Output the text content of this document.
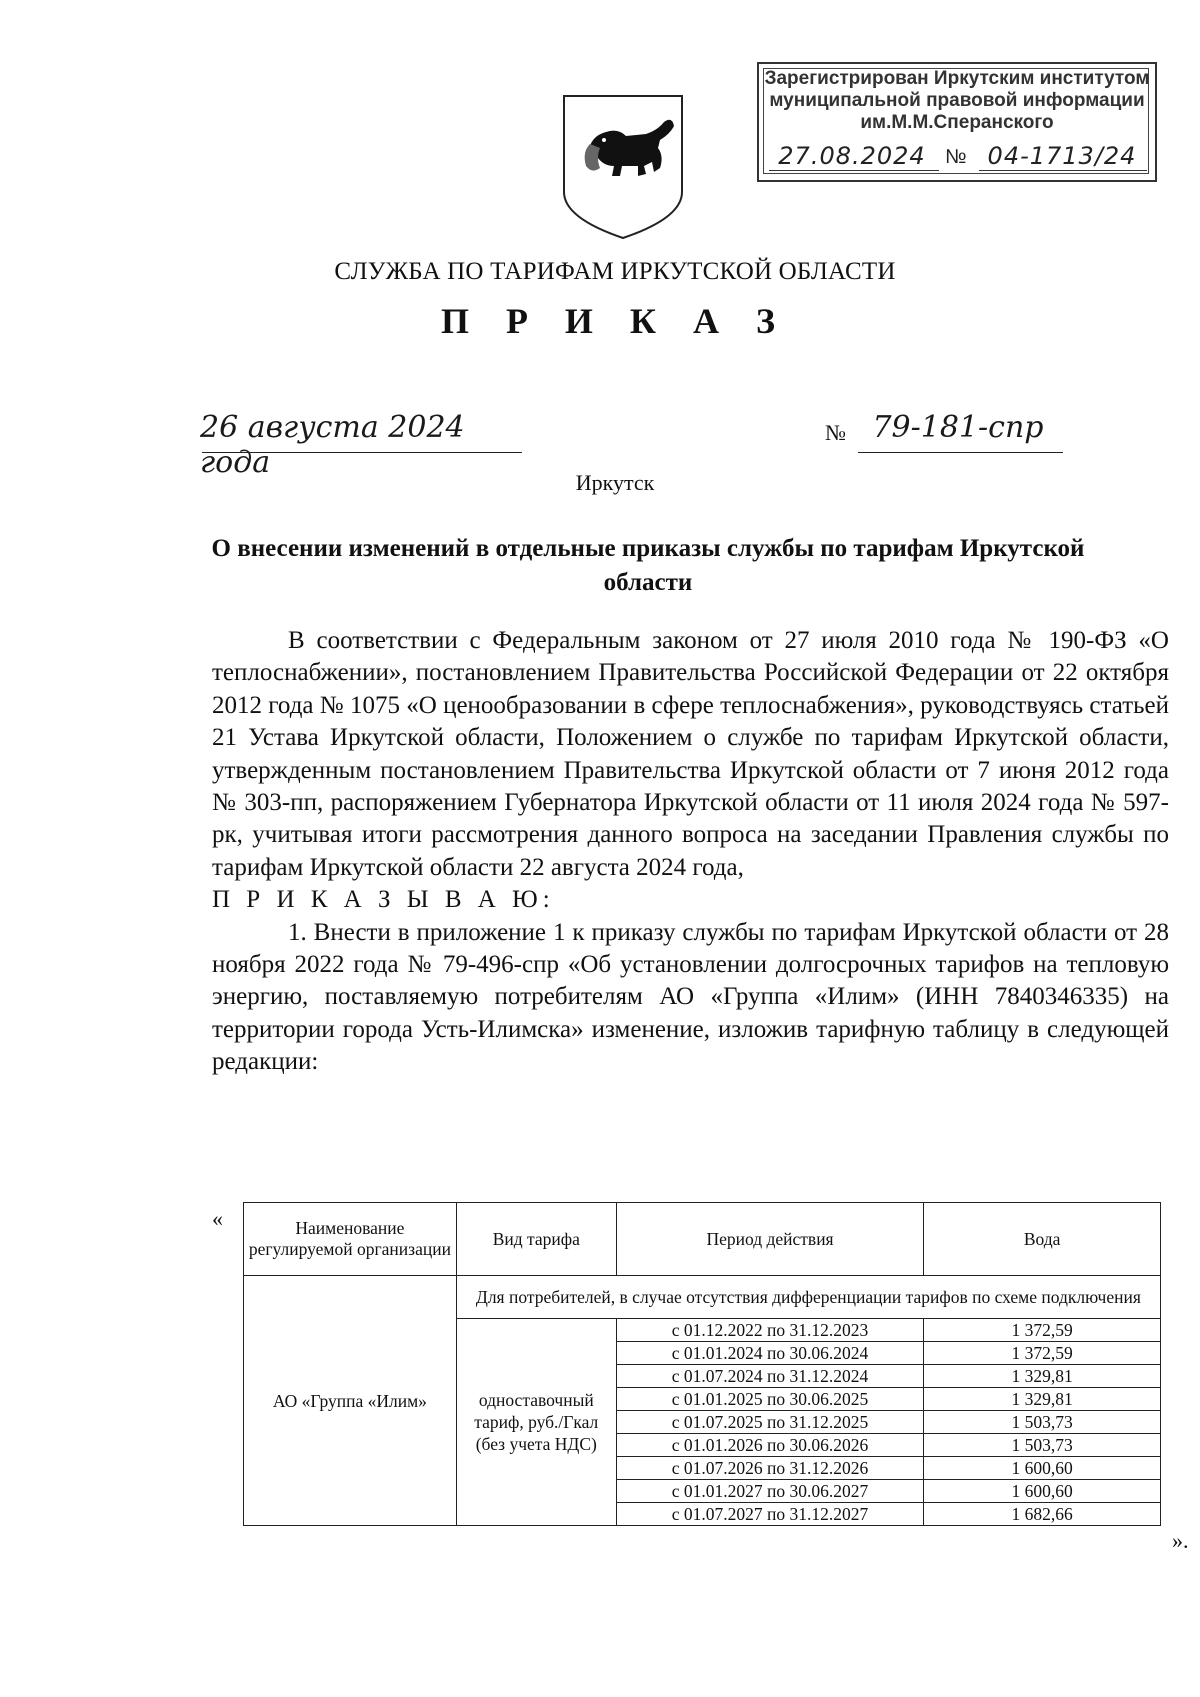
Зарегистрирован Иркутским институтом
муниципальной правовой информации
им.М.М.Сперанского
27.08.2024 № 04-1713/24
СЛУЖБА ПО ТАРИФАМ ИРКУТСКОЙ ОБЛАСТИ
П Р И К А З
26 августа 2024 года
№ 79-181-спр
Иркутск
О внесении изменений в отдельные приказы службы по тарифам Иркутской области

В соответствии с Федеральным законом от 27 июля 2010 года № 190-ФЗ «О теплоснабжении», постановлением Правительства Российской Федерации от 22 октября 2012 года № 1075 «О ценообразовании в сфере теплоснабжения», руководствуясь статьей 21 Устава Иркутской области, Положением о службе по тарифам Иркутской области, утвержденным постановлением Правительства Иркутской области от 7 июня 2012 года № 303-пп, распоряжением Губернатора Иркутской области от 11 июля 2024 года № 597-рк, учитывая итоги рассмотрения данного вопроса на заседании Правления службы по тарифам Иркутской области 22 августа 2024 года,

П Р И К А З Ы В А Ю:

1. Внести в приложение 1 к приказу службы по тарифам Иркутской области от 28 ноября 2022 года № 79-496-спр «Об установлении долгосрочных тарифов на тепловую энергию, поставляемую потребителям АО «Группа «Илим» (ИНН 7840346335) на территории города Усть-Илимска» изменение, изложив тарифную таблицу в следующей редакции:

«
».
Наименование регулируемой организации	Вид тарифа	Период действия	Вода
АО «Группа «Илим»	Для потребителей, в случае отсутствия дифференциации тарифов по схеме подключения		
	одноставочный тариф, руб./Гкал (без учета НДС)	с 01.12.2022 по 31.12.2023	1 372,59
		с 01.01.2024 по 30.06.2024	1 372,59
		с 01.07.2024 по 31.12.2024	1 329,81
		с 01.01.2025 по 30.06.2025	1 329,81
		с 01.07.2025 по 31.12.2025	1 503,73
		с 01.01.2026 по 30.06.2026	1 503,73
		с 01.07.2026 по 31.12.2026	1 600,60
		с 01.01.2027 по 30.06.2027	1 600,60
		с 01.07.2027 по 31.12.2027	1 682,66
